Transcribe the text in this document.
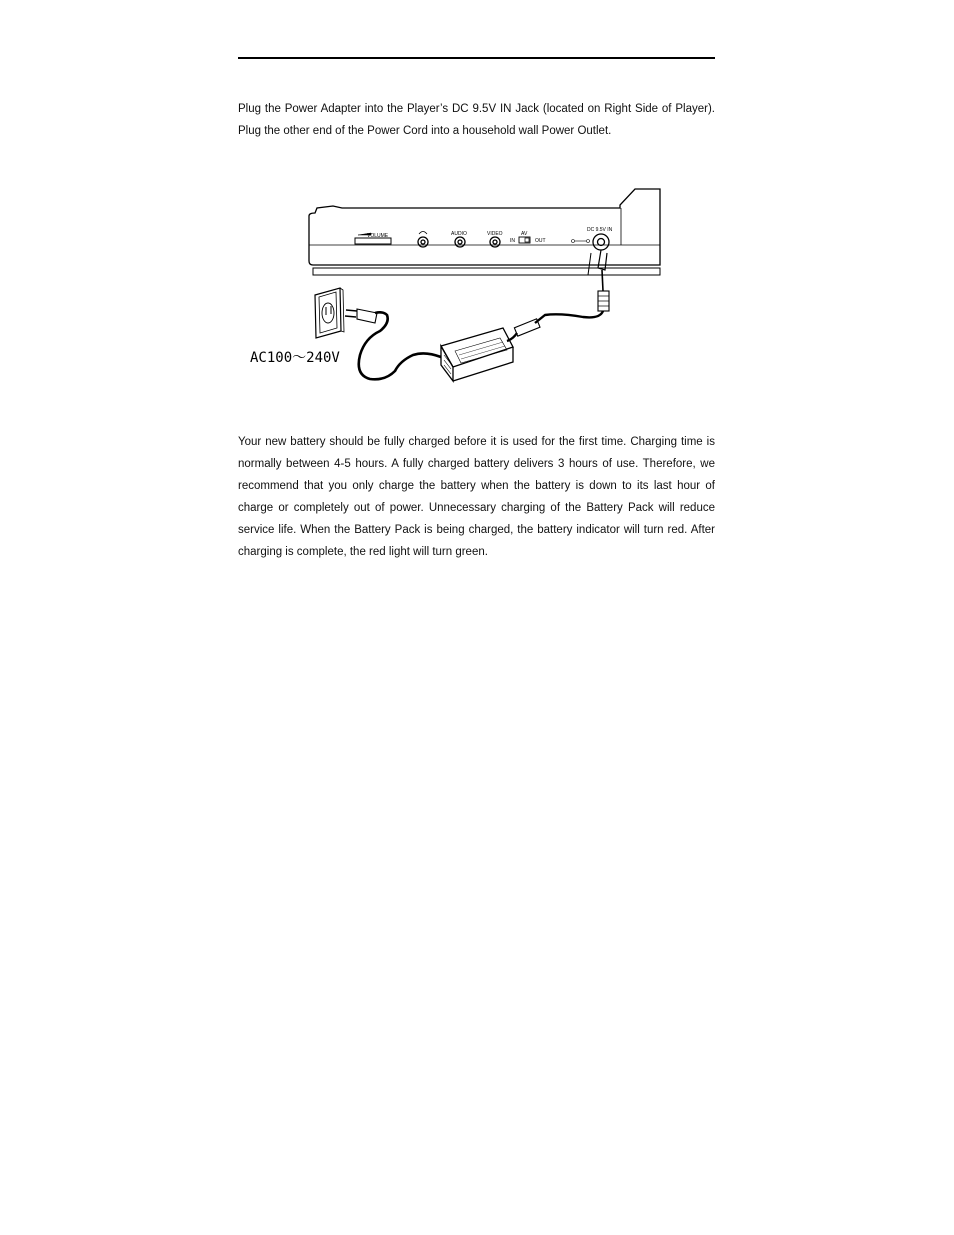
Plug the Power Adapter into the Player’s DC 9.5V IN Jack (located on Right Side of Player). Plug the other end of the Power Cord into a household wall Power Outlet.
VOLUME	AUDIO	VIDEO	AV
IN	OUT
DC 9.5V IN
AC100～240V
Your new battery should be fully charged before it is used for the first time. Charging time is normally between 4-5 hours. A fully charged battery delivers 3 hours of use. Therefore, we recommend that you only charge the battery when the battery is down to its last hour of charge or completely out of power. Unnecessary charging of the Battery Pack will reduce service life. When the Battery Pack is being charged, the battery indicator will turn red. After charging is complete, the red light will turn green.
